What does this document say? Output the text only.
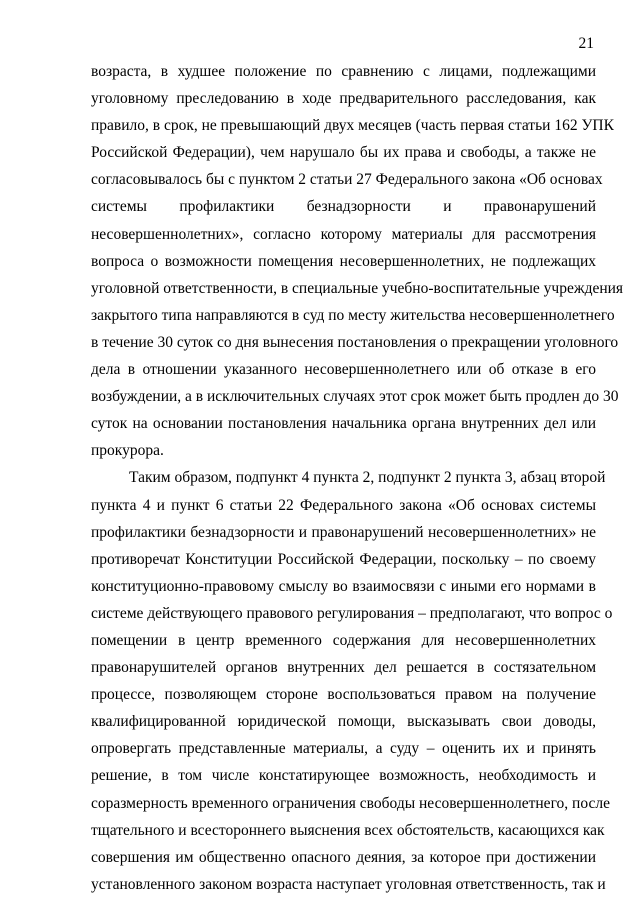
21
возраста, в худшее положение по сравнению с лицами, подлежащими
уголовному преследованию в ходе предварительного расследования, как
правило, в срок, не превышающий двух месяцев (часть первая статьи 162 УПК
Российской Федерации), чем нарушало бы их права и свободы, а также не
согласовывалось бы с пунктом 2 статьи 27 Федерального закона «Об основах
системы профилактики безнадзорности и правонарушений
несовершеннолетних», согласно которому материалы для рассмотрения
вопроса о возможности помещения несовершеннолетних, не подлежащих
уголовной ответственности, в специальные учебно-воспитательные учреждения
закрытого типа направляются в суд по месту жительства несовершеннолетнего
в течение 30 суток со дня вынесения постановления о прекращении уголовного
дела в отношении указанного несовершеннолетнего или об отказе в его
возбуждении, а в исключительных случаях этот срок может быть продлен до 30
суток на основании постановления начальника органа внутренних дел или
прокурора.
Таким образом, подпункт 4 пункта 2, подпункт 2 пункта 3, абзац второй
пункта 4 и пункт 6 статьи 22 Федерального закона «Об основах системы
профилактики безнадзорности и правонарушений несовершеннолетних» не
противоречат Конституции Российской Федерации, поскольку – по своему
конституционно-правовому смыслу во взаимосвязи с иными его нормами в
системе действующего правового регулирования – предполагают, что вопрос о
помещении в центр временного содержания для несовершеннолетних
правонарушителей органов внутренних дел решается в состязательном
процессе, позволяющем стороне воспользоваться правом на получение
квалифицированной юридической помощи, высказывать свои доводы,
опровергать представленные материалы, а суду – оценить их и принять
решение, в том числе констатирующее возможность, необходимость и
соразмерность временного ограничения свободы несовершеннолетнего, после
тщательного и всестороннего выяснения всех обстоятельств, касающихся как
совершения им общественно опасного деяния, за которое при достижении
установленного законом возраста наступает уголовная ответственность, так и
